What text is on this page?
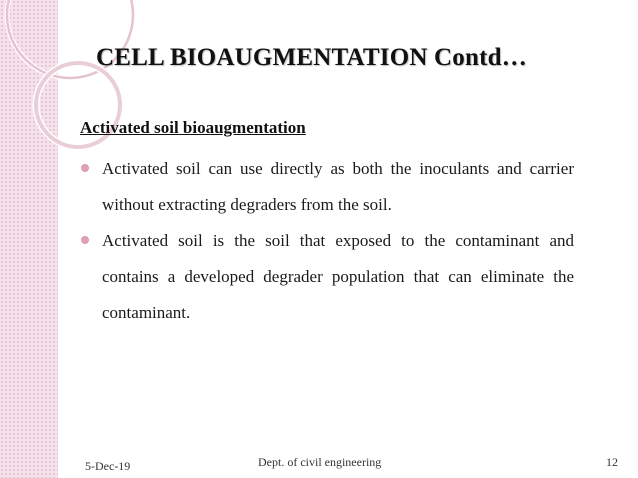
CELL BIOAUGMENTATION Contd…
Activated soil bioaugmentation
Activated soil can use directly as both the inoculants and carrier without extracting degraders from the soil.
Activated soil is the soil that exposed to the contaminant and contains a developed degrader population that can eliminate the contaminant.
5-Dec-19	Dept. of civil engineering	12
